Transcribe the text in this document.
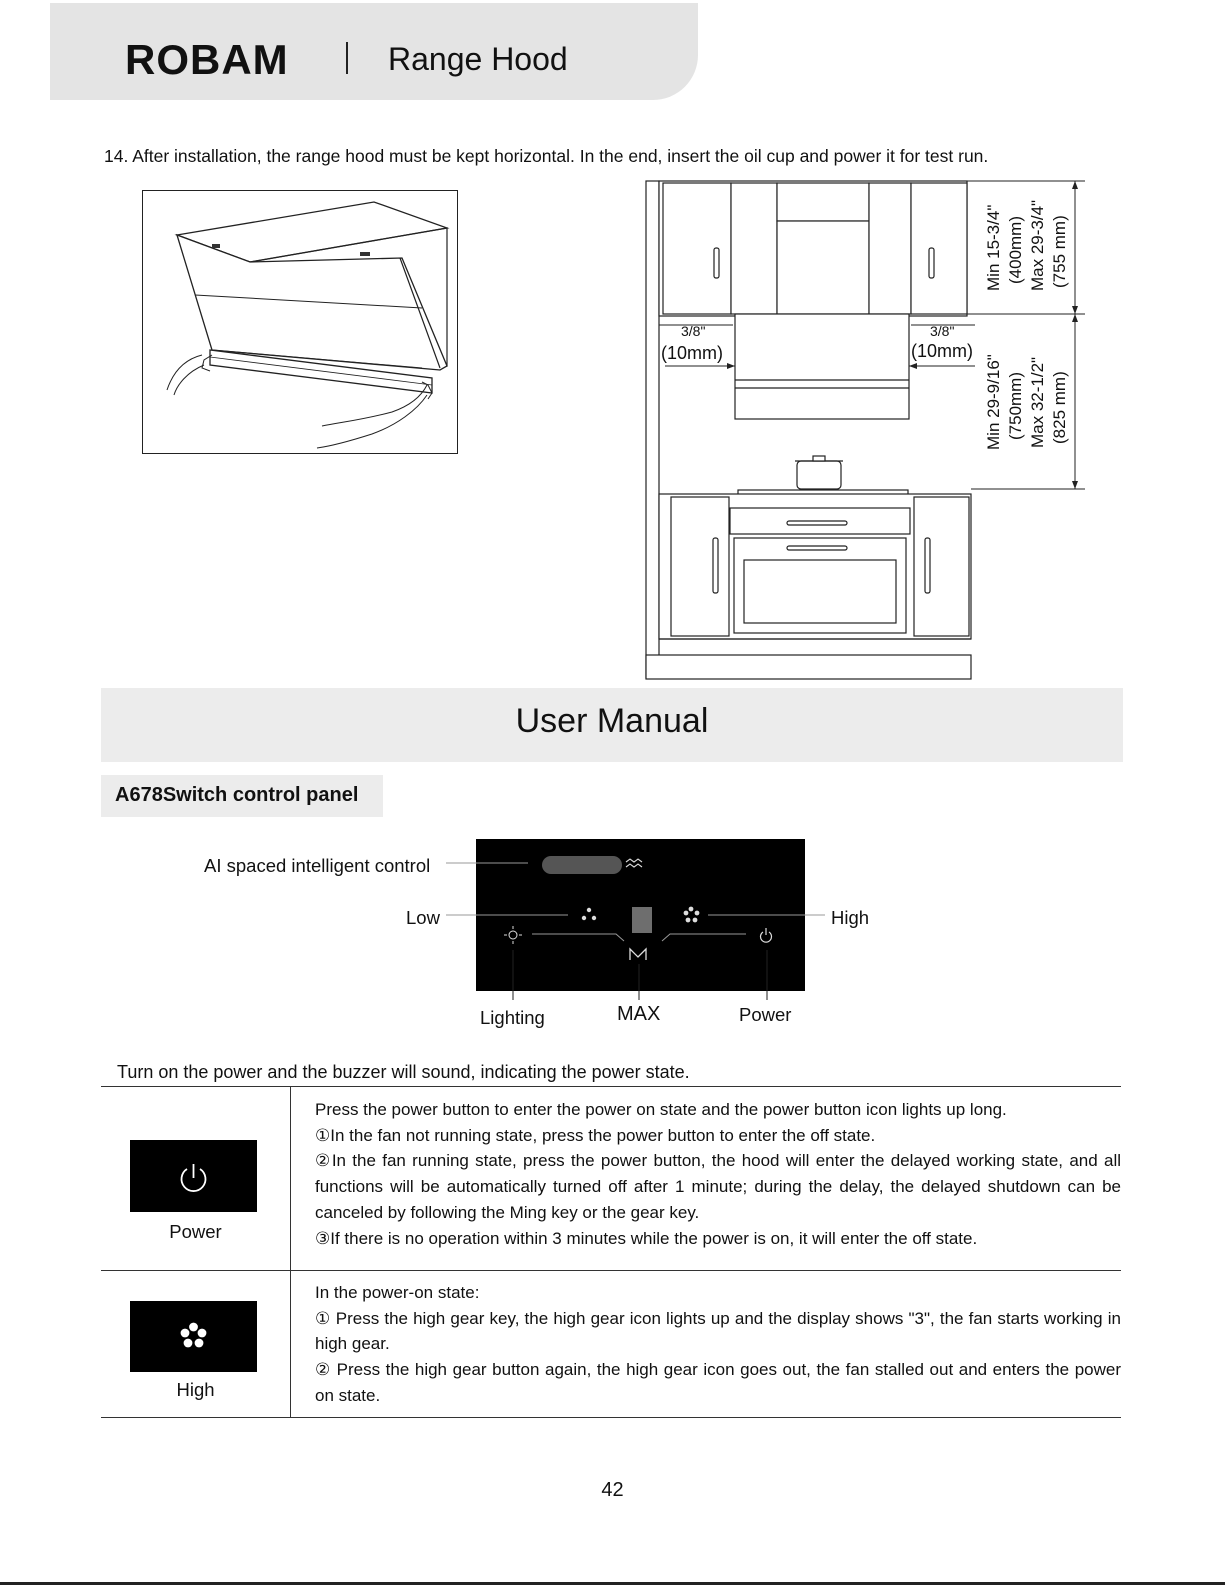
ROBAM	Range Hood
14. After installation, the range hood must be kept horizontal. In the end, insert the oil cup and power it for test run.
3/8"
(10mm)
3/8"
(10mm)
Min 15-3/4" (400mm) Max 29-3/4" (755 mm)
Min 29-9/16" (750mm) Max 32-1/2" (825 mm)
User Manual
A678Switch control panel
AI spaced intelligent control
Low	High
Lighting	MAX	Power
Turn on the power and the buzzer will sound, indicating the power state.
Power
Press the power button to enter the power on state and the power button icon lights up long.
①In the fan not running state, press the power button to enter the off state.
②In the fan running state, press the power button, the hood will enter the delayed working state, and all functions will be automatically turned off after 1 minute; during the delay, the delayed shutdown can be canceled by following the Ming key or the gear key.
③If there is no operation within 3 minutes while the power is on, it will enter the off state.
High
In the power-on state:
① Press the high gear key, the high gear icon lights up and the display shows "3", the fan starts working in high gear.
② Press the high gear button again, the high gear icon goes out, the fan stalled out and enters the power on state.
42
